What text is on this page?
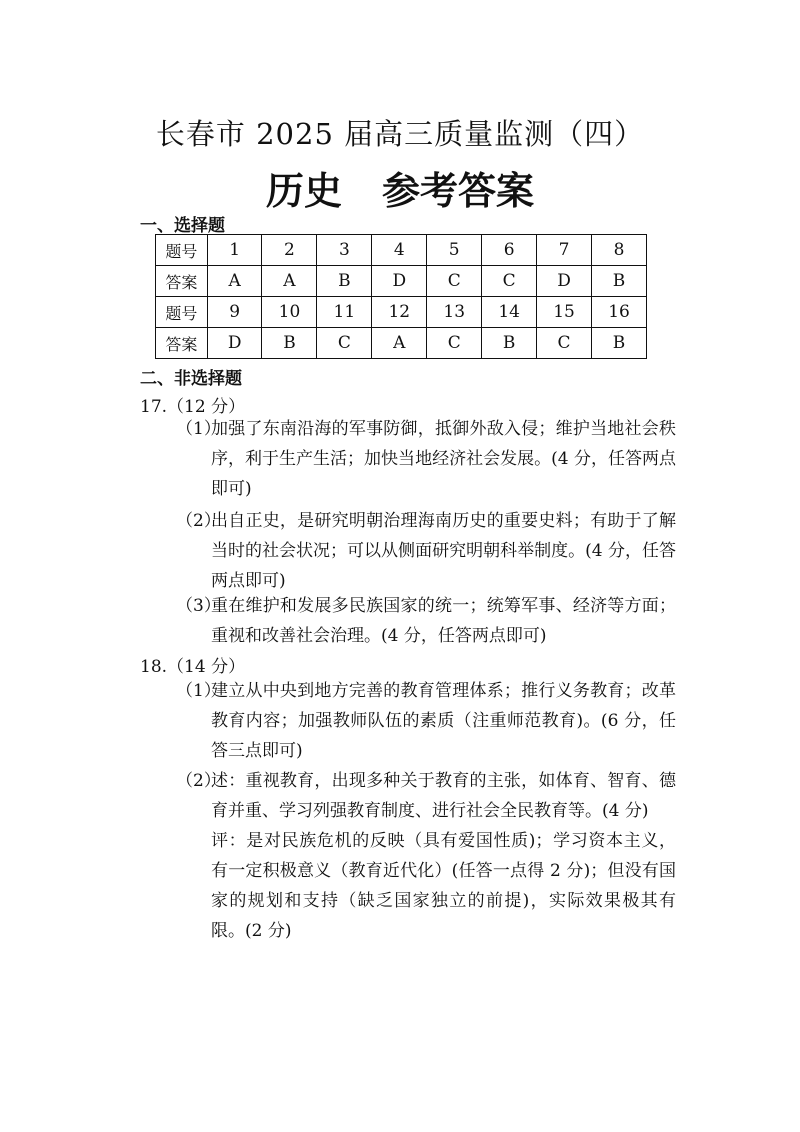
长春市 2025 届高三质量监测（四）
历史 参考答案
一、选择题
题号	1	2	3	4	5	6	7	8
答案	A	A	B	D	C	C	D	B
题号	9	10	11	12	13	14	15	16
答案	D	B	C	A	C	B	C	B
二、非选择题
17.（12 分）
（1）
加强了东南沿海的军事防御，抵御外敌入侵；维护当地社会秩序，利于生产生活；加快当地经济社会发展。(4 分，任答两点即可)
（2）
出自正史，是研究明朝治理海南历史的重要史料；有助于了解当时的社会状况；可以从侧面研究明朝科举制度。(4 分，任答两点即可)
（3）
重在维护和发展多民族国家的统一；统筹军事、经济等方面；重视和改善社会治理。(4 分，任答两点即可)
18.（14 分）
（1）
建立从中央到地方完善的教育管理体系；推行义务教育；改革教育内容；加强教师队伍的素质（注重师范教育)。(6 分，任答三点即可)
（2）
述：重视教育，出现多种关于教育的主张，如体育、智育、德育并重、学习列强教育制度、进行社会全民教育等。(4 分)
评：是对民族危机的反映（具有爱国性质)；学习资本主义，有一定积极意义（教育近代化）(任答一点得 2 分)；但没有国家的规划和支持（缺乏国家独立的前提)，实际效果极其有限。(2 分)
